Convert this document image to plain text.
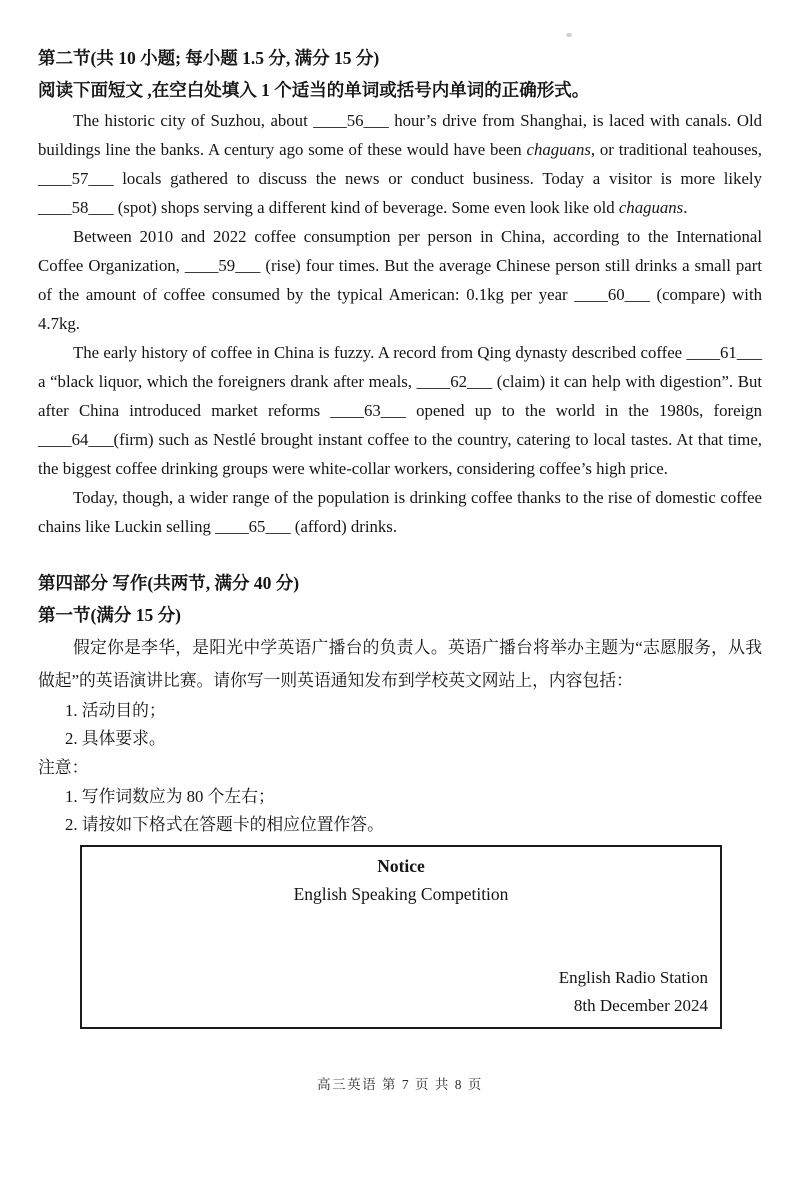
第二节(共 10 小题; 每小题 1.5 分, 满分 15 分)

阅读下面短文 ,在空白处填入 1 个适当的单词或括号内单词的正确形式。

The historic city of Suzhou, about ____56___ hour’s drive from Shanghai, is laced with canals. Old buildings line the banks. A century ago some of these would have been chaguans, or traditional teahouses, ____57___ locals gathered to discuss the news or conduct business. Today a visitor is more likely ____58___ (spot) shops serving a different kind of beverage. Some even look like old chaguans.

Between 2010 and 2022 coffee consumption per person in China, according to the International Coffee Organization, ____59___ (rise) four times. But the average Chinese person still drinks a small part of the amount of coffee consumed by the typical American: 0.1kg per year ____60___ (compare) with 4.7kg.

The early history of coffee in China is fuzzy. A record from Qing dynasty described coffee ____61___ a “black liquor, which the foreigners drank after meals, ____62___ (claim) it can help with digestion”. But after China introduced market reforms ____63___ opened up to the world in the 1980s, foreign ____64___(firm) such as Nestlé brought instant coffee to the country, catering to local tastes. At that time, the biggest coffee drinking groups were white-collar workers, considering coffee’s high price.

Today, though, a wider range of the population is drinking coffee thanks to the rise of domestic coffee chains like Luckin selling ____65___ (afford) drinks.

第四部分 写作(共两节, 满分 40 分)

第一节(满分 15 分)

假定你是李华，是阳光中学英语广播台的负责人。英语广播台将举办主题为“志愿服务，从我做起”的英语演讲比赛。请你写一则英语通知发布到学校英文网站上，内容包括：

1. 活动目的；

2. 具体要求。

注意：

1. 写作词数应为 80 个左右；

2. 请按如下格式在答题卡的相应位置作答。

Notice

English Speaking Competition

English Radio Station
8th December 2024
高三英语 第 7 页 共 8 页
